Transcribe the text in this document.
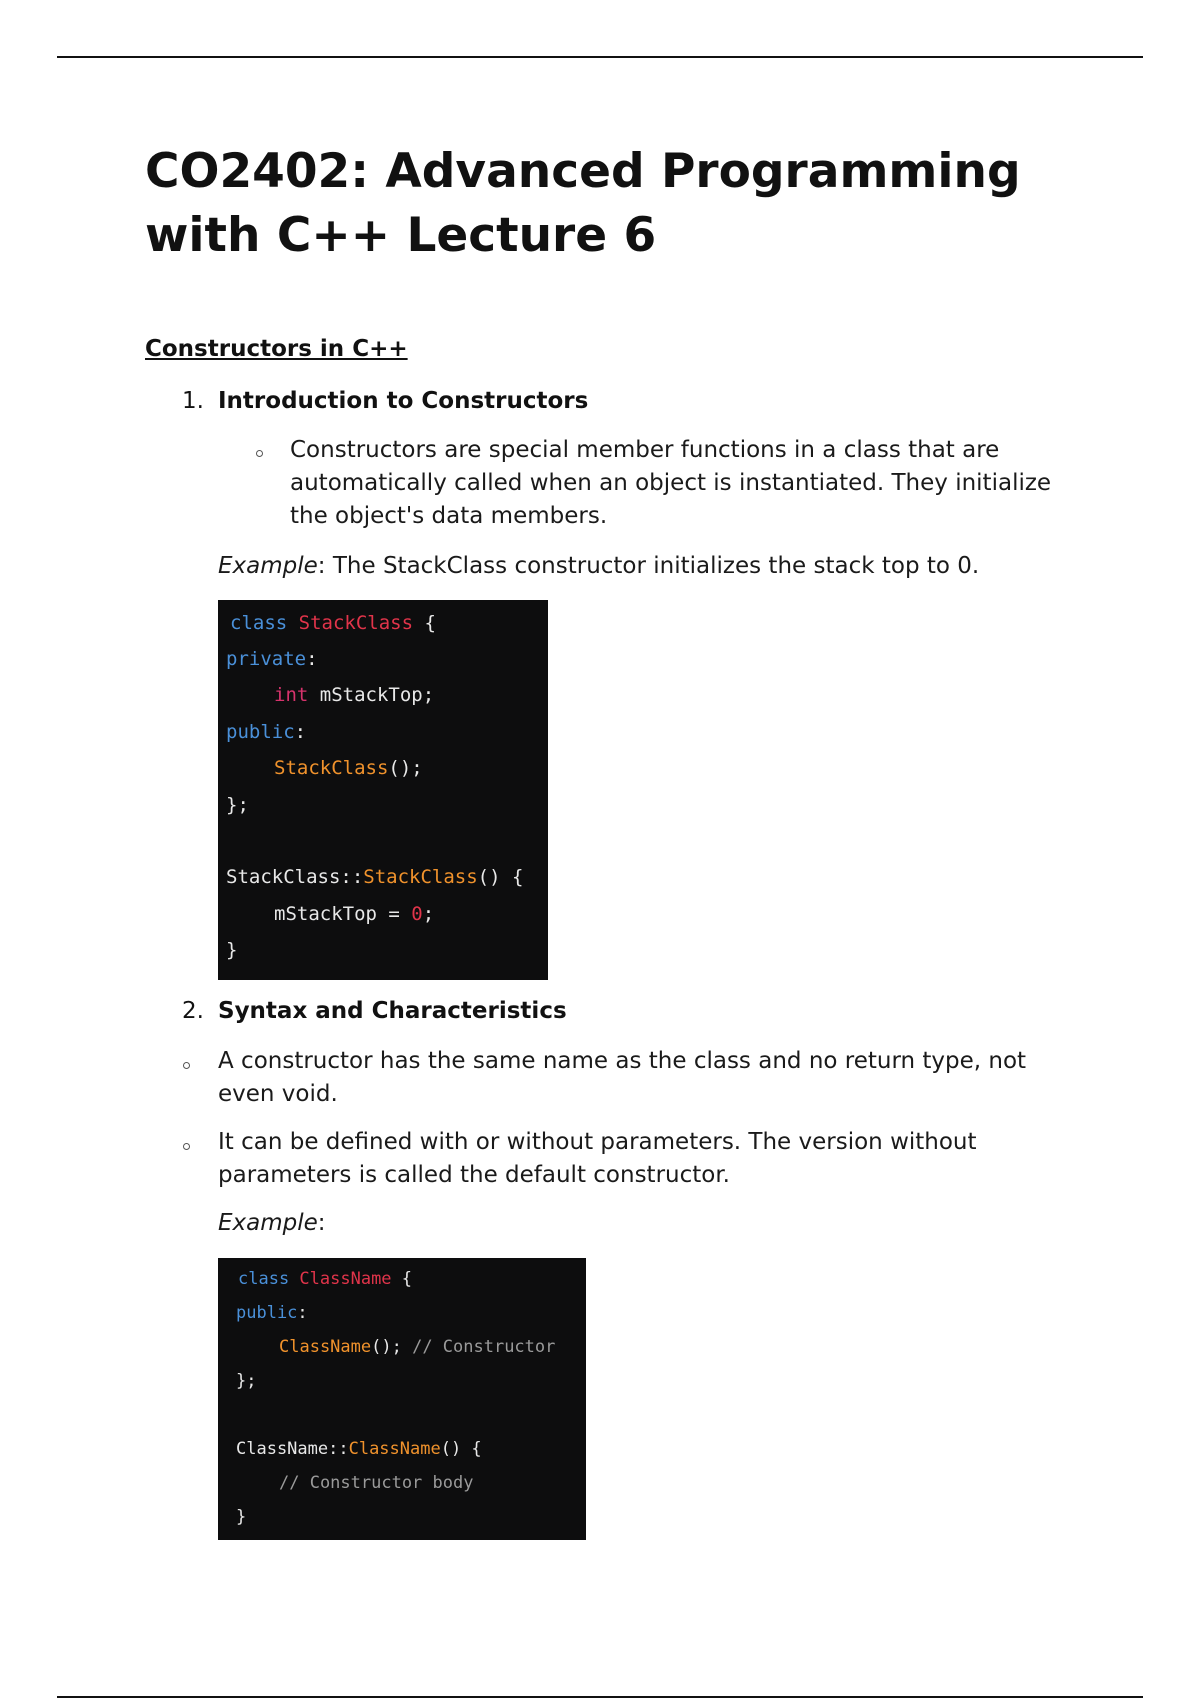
CO2402: Advanced Programming with C++ Lecture 6
Constructors in C++
1. Introduction to Constructors
Constructors are special member functions in a class that are automatically called when an object is instantiated. They initialize the object's data members.
Example: The StackClass constructor initializes the stack top to 0.
class StackClass {
private:
int mStackTop;
public:
StackClass();
};
StackClass::StackClass() {
mStackTop = 0;
}
2. Syntax and Characteristics
A constructor has the same name as the class and no return type, not even void.
It can be defined with or without parameters. The version without parameters is called the default constructor.
Example:
class ClassName {
public:
ClassName(); // Constructor
};
ClassName::ClassName() {
// Constructor body
}
